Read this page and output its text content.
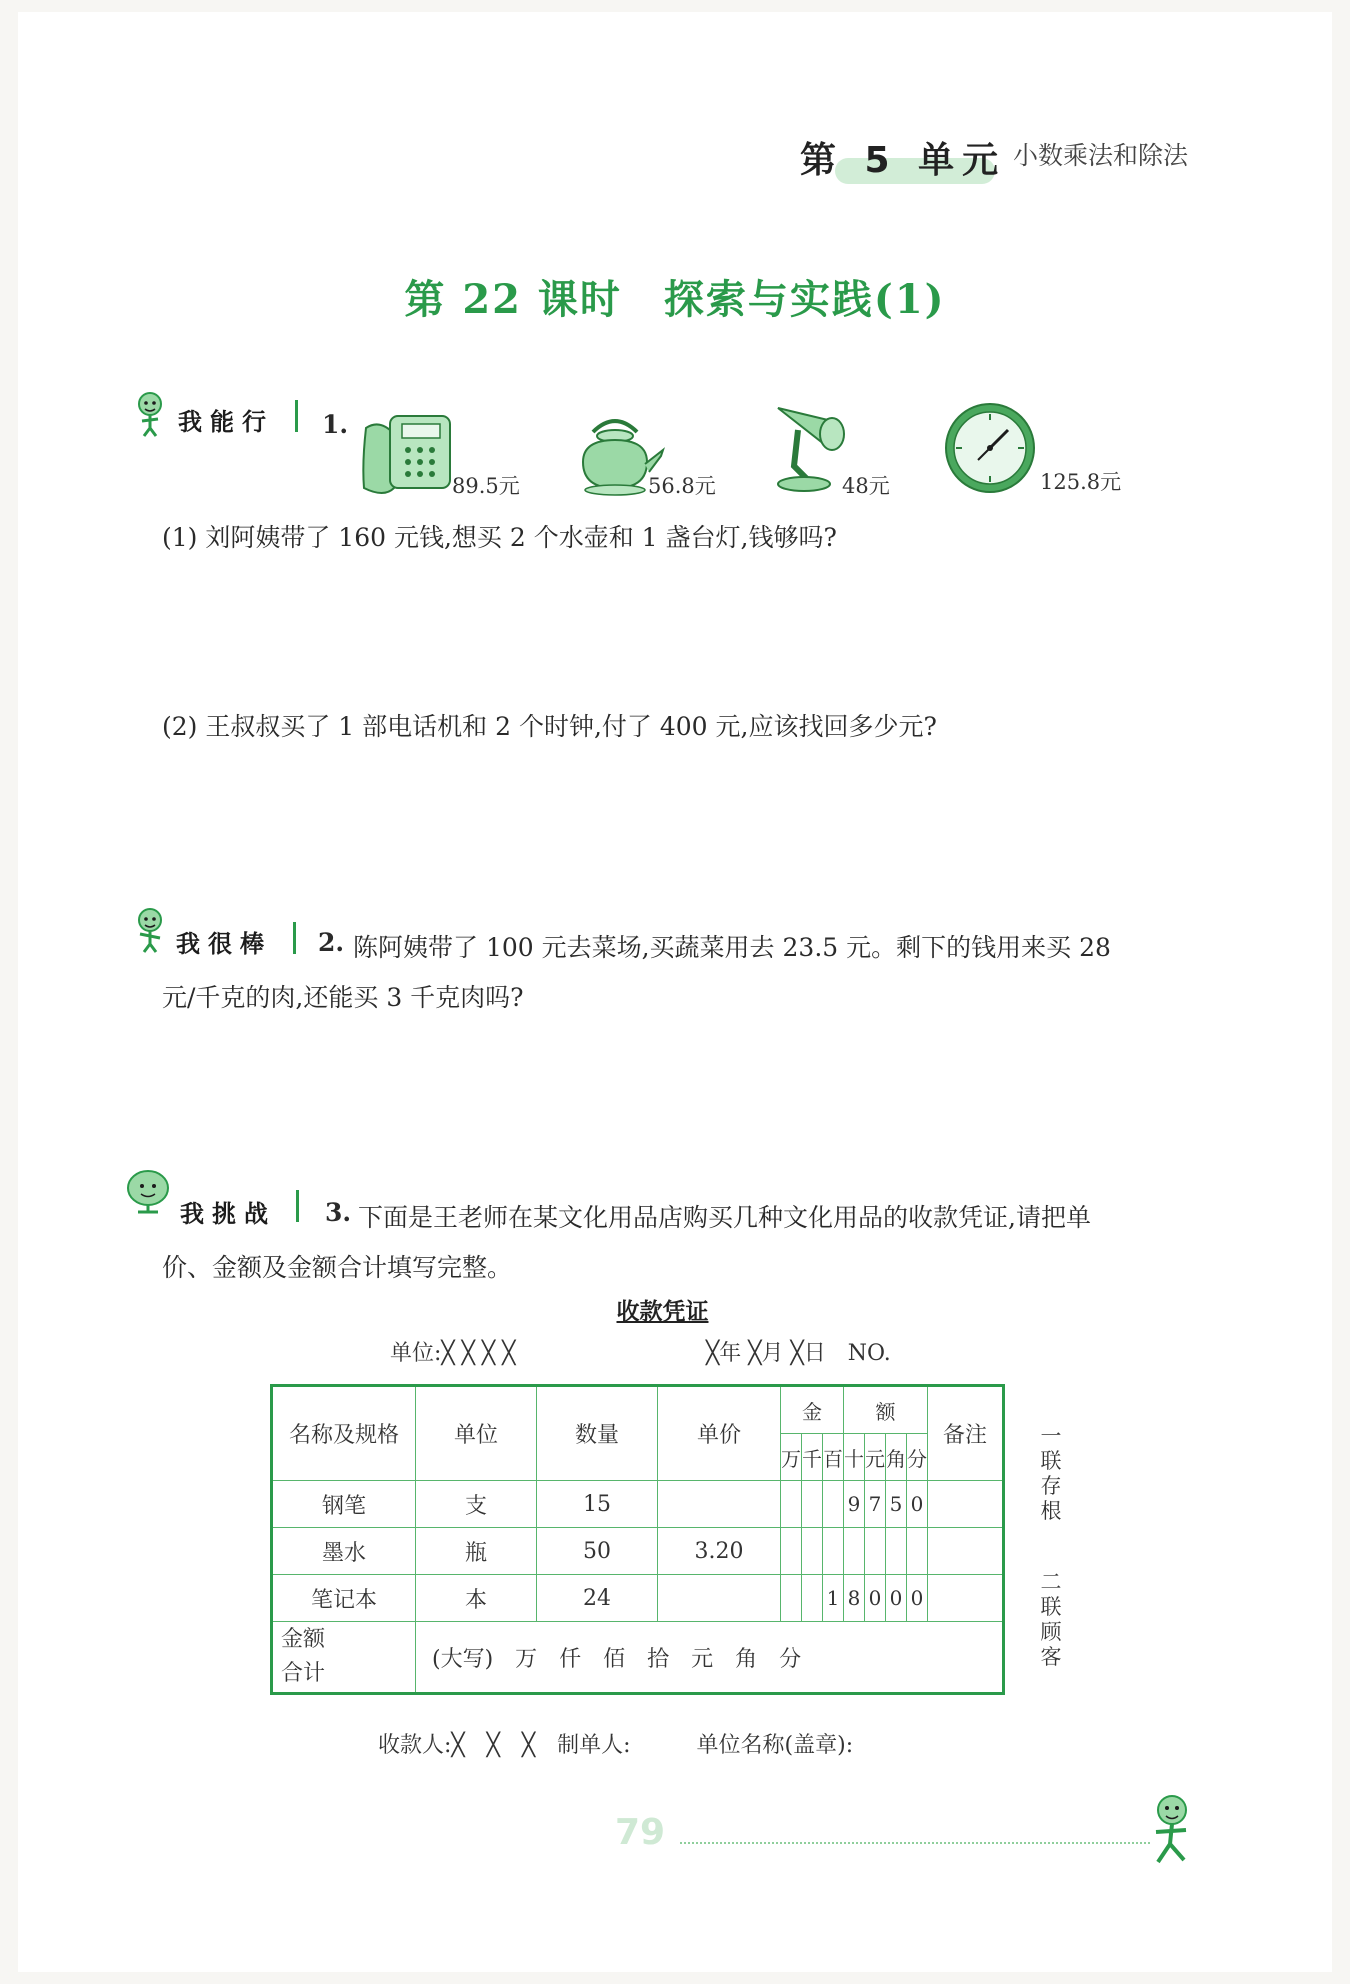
第 5 单元 小数乘法和除法
第 22 课时　探索与实践(1)
我能行 1.
89.5元	56.8元	48元	125.8元
(1) 刘阿姨带了 160 元钱,想买 2 个水壶和 1 盏台灯,钱够吗?
(2) 王叔叔买了 1 部电话机和 2 个时钟,付了 400 元,应该找回多少元?
我很棒 2. 陈阿姨带了 100 元去菜场,买蔬菜用去 23.5 元。剩下的钱用来买 28
元/千克的肉,还能买 3 千克肉吗?
我挑战 3. 下面是王老师在某文化用品店购买几种文化用品的收款凭证,请把单
价、金额及金额合计填写完整。
收款凭证
单位:╳ ╳ ╳ ╳	╳年 ╳月 ╳日　NO.
名称及规格	单位	数量	单价	金			额				备注
				万	千	百	十	元	角	分	
钢笔	支	15					9	7	5	0	
墨水	瓶	50	3.20								
笔记本	本	24				1	8	0	0	0	

金额
合计	(大写)　万　仟　佰　拾　元　角　分										
一联存根
二联顾客
收款人:╳　╳　╳　制单人:　　　单位名称(盖章):
79
